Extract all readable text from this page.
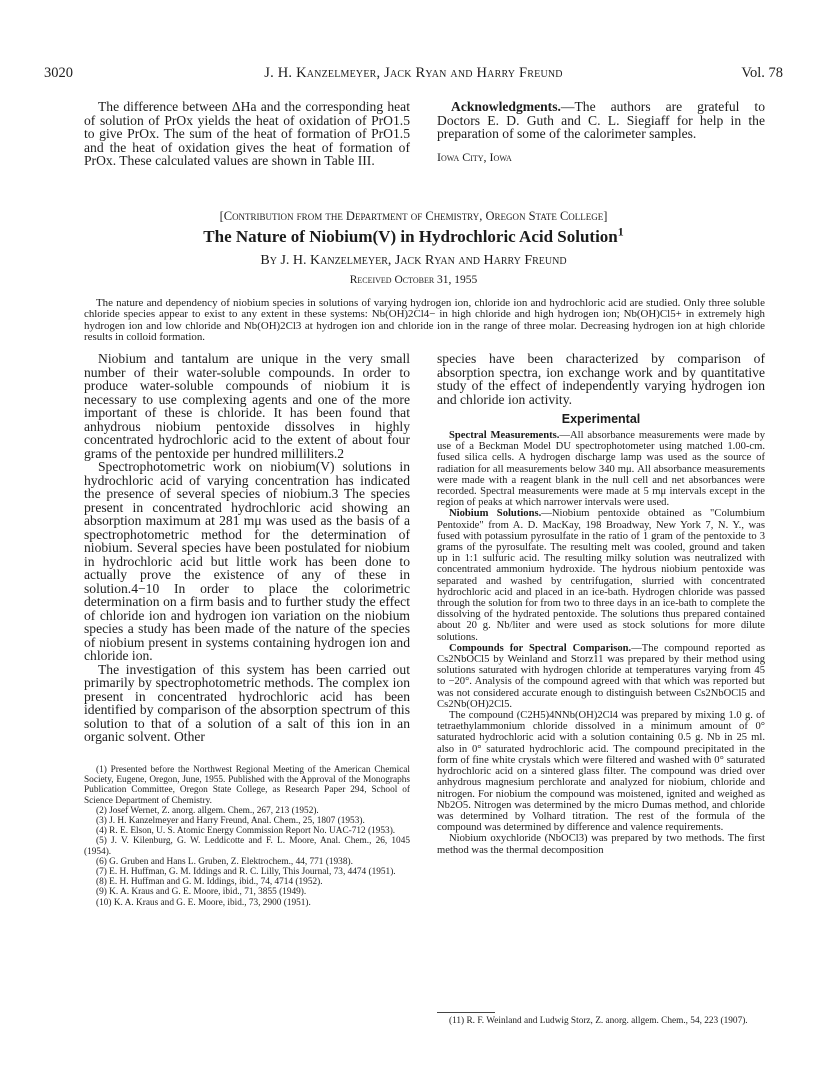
3020	J. H. Kanzelmeyer, Jack Ryan and Harry Freund	Vol. 78

The difference between ΔHa and the corresponding heat of solution of PrOx yields the heat of oxidation of PrO1.5 to give PrOx. The sum of the heat of formation of PrO1.5 and the heat of oxidation gives the heat of formation of PrOx. These calculated values are shown in Table III.

Acknowledgments.—The authors are grateful to Doctors E. D. Guth and C. L. Siegiaff for help in the preparation of some of the calorimeter samples.

Iowa City, Iowa

[Contribution from the Department of Chemistry, Oregon State College]
The Nature of Niobium(V) in Hydrochloric Acid Solution$^1$
By J. H. Kanzelmeyer, Jack Ryan and Harry Freund
Received October 31, 1955
The nature and dependency of niobium species in solutions of varying hydrogen ion, chloride ion and hydrochloric acid are studied. Only three soluble chloride species appear to exist to any extent in these systems: Nb(OH)2Cl4− in high chloride and high hydrogen ion; Nb(OH)Cl5+ in extremely high hydrogen ion and low chloride and Nb(OH)2Cl3 at hydrogen ion and chloride ion in the range of three molar. Decreasing hydrogen ion at high chloride results in colloid formation.

Niobium and tantalum are unique in the very small number of their water-soluble compounds. In order to produce water-soluble compounds of niobium it is necessary to use complexing agents and one of the more important of these is chloride. It has been found that anhydrous niobium pentoxide dissolves in highly concentrated hydrochloric acid to the extent of about four grams of the pentoxide per hundred milliliters.2

Spectrophotometric work on niobium(V) solutions in hydrochloric acid of varying concentration has indicated the presence of several species of niobium.3 The species present in concentrated hydrochloric acid showing an absorption maximum at 281 mμ was used as the basis of a spectrophotometric method for the determination of niobium. Several species have been postulated for niobium in hydrochloric acid but little work has been done to actually prove the existence of any of these in solution.4−10 In order to place the colorimetric determination on a firm basis and to further study the effect of chloride ion and hydrogen ion variation on the niobium species a study has been made of the nature of the species of niobium present in systems containing hydrogen ion and chloride ion.

The investigation of this system has been carried out primarily by spectrophotometric methods. The complex ion present in concentrated hydrochloric acid has been identified by comparison of the absorption spectrum of this solution to that of a solution of a salt of this ion in an organic solvent. Other

(1) Presented before the Northwest Regional Meeting of the American Chemical Society, Eugene, Oregon, June, 1955. Published with the Approval of the Monographs Publication Committee, Oregon State College, as Research Paper 294, School of Science Department of Chemistry.

(2) Josef Wernet, Z. anorg. allgem. Chem., 267, 213 (1952).

(3) J. H. Kanzelmeyer and Harry Freund, Anal. Chem., 25, 1807 (1953).

(4) R. E. Elson, U. S. Atomic Energy Commission Report No. UAC-712 (1953).

(5) J. V. Kilenburg, G. W. Leddicotte and F. L. Moore, Anal. Chem., 26, 1045 (1954).

(6) G. Gruben and Hans L. Gruben, Z. Elektrochem., 44, 771 (1938).

(7) E. H. Huffman, G. M. Iddings and R. C. Lilly, This Journal, 73, 4474 (1951).

(8) E. H. Huffman and G. M. Iddings, ibid., 74, 4714 (1952).

(9) K. A. Kraus and G. E. Moore, ibid., 71, 3855 (1949).

(10) K. A. Kraus and G. E. Moore, ibid., 73, 2900 (1951).

species have been characterized by comparison of absorption spectra, ion exchange work and by quantitative study of the effect of independently varying hydrogen ion and chloride ion activity.

Experimental

Spectral Measurements.—All absorbance measurements were made by use of a Beckman Model DU spectrophotometer using matched 1.00-cm. fused silica cells. A hydrogen discharge lamp was used as the source of radiation for all measurements below 340 mμ. All absorbance measurements were made with a reagent blank in the null cell and net absorbances were recorded. Spectral measurements were made at 5 mμ intervals except in the region of peaks at which narrower intervals were used.

Niobium Solutions.—Niobium pentoxide obtained as "Columbium Pentoxide" from A. D. MacKay, 198 Broadway, New York 7, N. Y., was fused with potassium pyrosulfate in the ratio of 1 gram of the pentoxide to 3 grams of the pyrosulfate. The resulting melt was cooled, ground and taken up in 1:1 sulfuric acid. The resulting milky solution was neutralized with concentrated ammonium hydroxide. The hydrous niobium pentoxide was separated and washed by centrifugation, slurried with concentrated hydrochloric acid and placed in an ice-bath. Hydrogen chloride was passed through the solution for from two to three days in an ice-bath to complete the dissolving of the hydrated pentoxide. The solutions thus prepared contained about 20 g. Nb/liter and were used as stock solutions for more dilute solutions.

Compounds for Spectral Comparison.—The compound reported as Cs2NbOCl5 by Weinland and Storz11 was prepared by their method using solutions saturated with hydrogen chloride at temperatures varying from 45 to −20°. Analysis of the compound agreed with that which was reported but was not considered accurate enough to distinguish between Cs2NbOCl5 and Cs2Nb(OH)2Cl5.

The compound (C2H5)4NNb(OH)2Cl4 was prepared by mixing 1.0 g. of tetraethylammonium chloride dissolved in a minimum amount of 0° saturated hydrochloric acid with a solution containing 0.5 g. Nb in 25 ml. also in 0° saturated hydrochloric acid. The compound precipitated in the form of fine white crystals which were filtered and washed with 0° saturated hydrochloric acid on a sintered glass filter. The compound was dried over anhydrous magnesium perchlorate and analyzed for niobium, chloride and nitrogen. For niobium the compound was moistened, ignited and weighed as Nb2O5. Nitrogen was determined by the micro Dumas method, and chloride was determined by Volhard titration. The rest of the formula of the compound was determined by difference and valence requirements.

Niobium oxychloride (NbOCl3) was prepared by two methods. The first method was the thermal decomposition

(11) R. F. Weinland and Ludwig Storz, Z. anorg. allgem. Chem., 54, 223 (1907).
